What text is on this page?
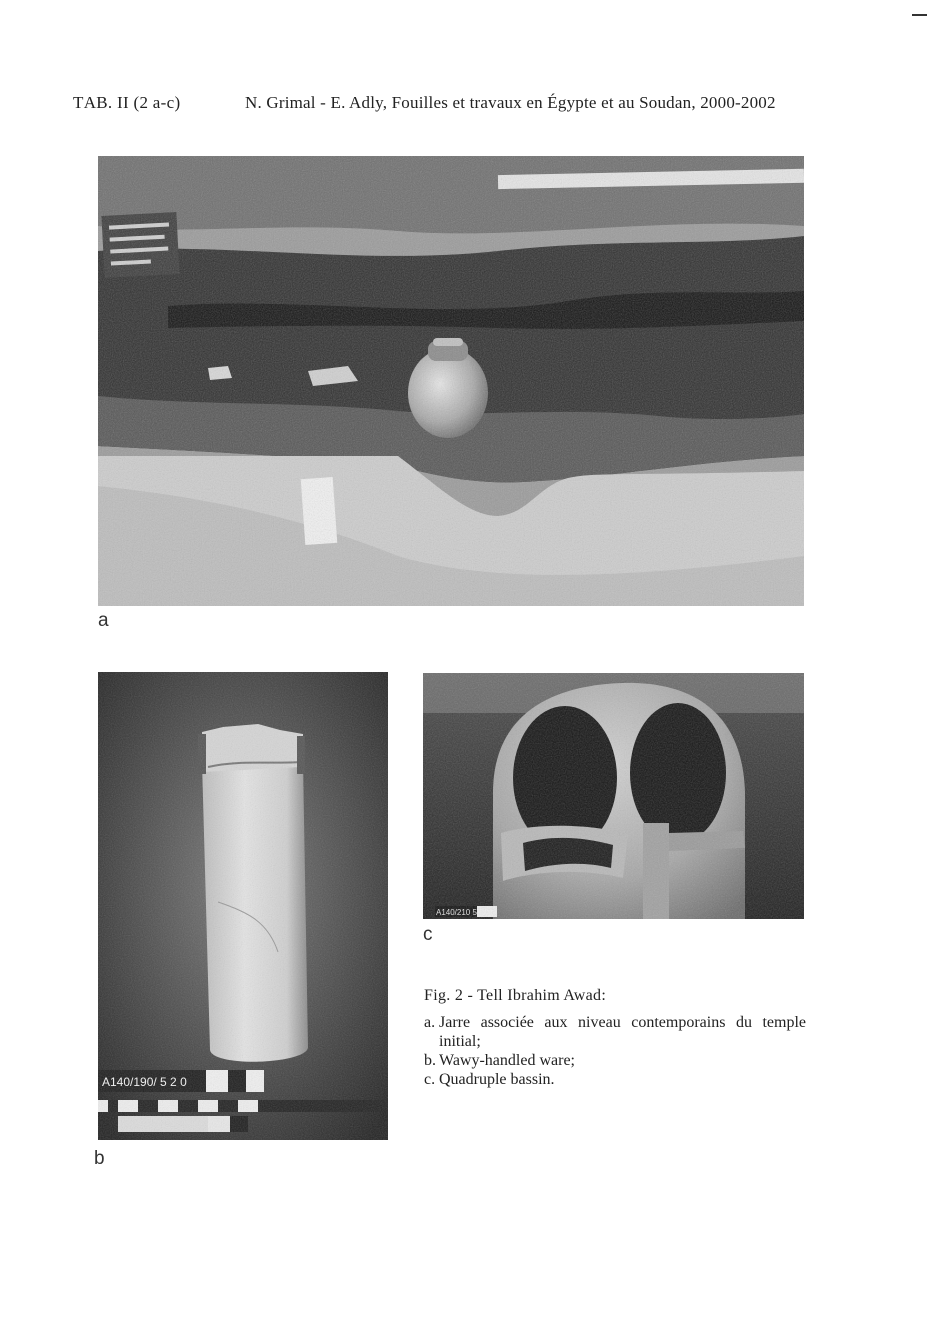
TAB. II (2 a-c)	N. Grimal - E. Adly, Fouilles et travaux en Égypte et au Soudan, 2000-2002
a
A140/190/ 5 2 0
b
A140/210 5
c
Fig. 2 - Tell Ibrahim Awad:
a. Jarre associée aux niveau contemporains du temple initial;
b. Wawy-handled ware;
c. Quadruple bassin.
